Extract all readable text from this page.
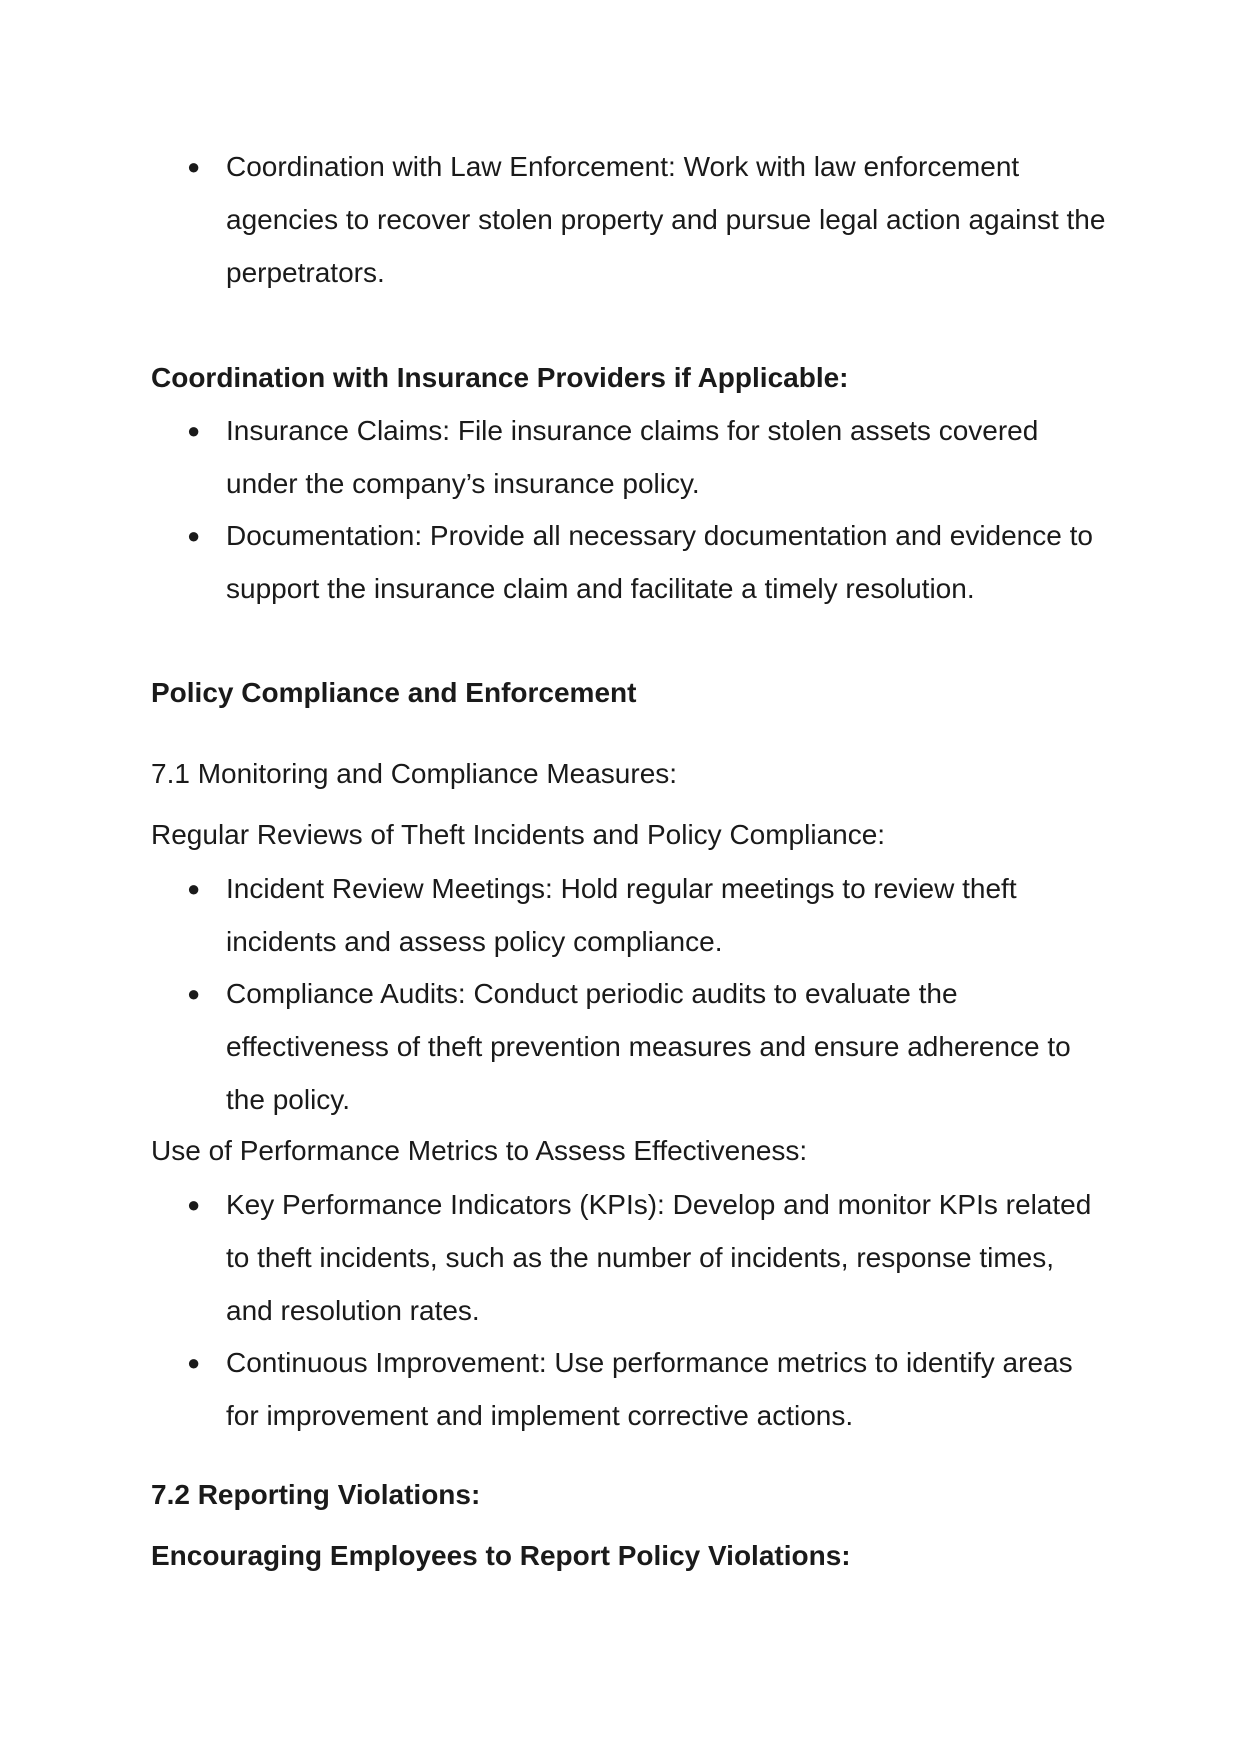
● Coordination with Law Enforcement: Work with law enforcement agencies to recover stolen property and pursue legal action against the perpetrators.

Coordination with Insurance Providers if Applicable:

● Insurance Claims: File insurance claims for stolen assets covered under the company’s insurance policy.

● Documentation: Provide all necessary documentation and evidence to support the insurance claim and facilitate a timely resolution.

Policy Compliance and Enforcement

7.1 Monitoring and Compliance Measures:

Regular Reviews of Theft Incidents and Policy Compliance:

● Incident Review Meetings: Hold regular meetings to review theft incidents and assess policy compliance.

● Compliance Audits: Conduct periodic audits to evaluate the effectiveness of theft prevention measures and ensure adherence to the policy.

Use of Performance Metrics to Assess Effectiveness:

● Key Performance Indicators (KPIs): Develop and monitor KPIs related to theft incidents, such as the number of incidents, response times, and resolution rates.

● Continuous Improvement: Use performance metrics to identify areas for improvement and implement corrective actions.

7.2 Reporting Violations:

Encouraging Employees to Report Policy Violations:
